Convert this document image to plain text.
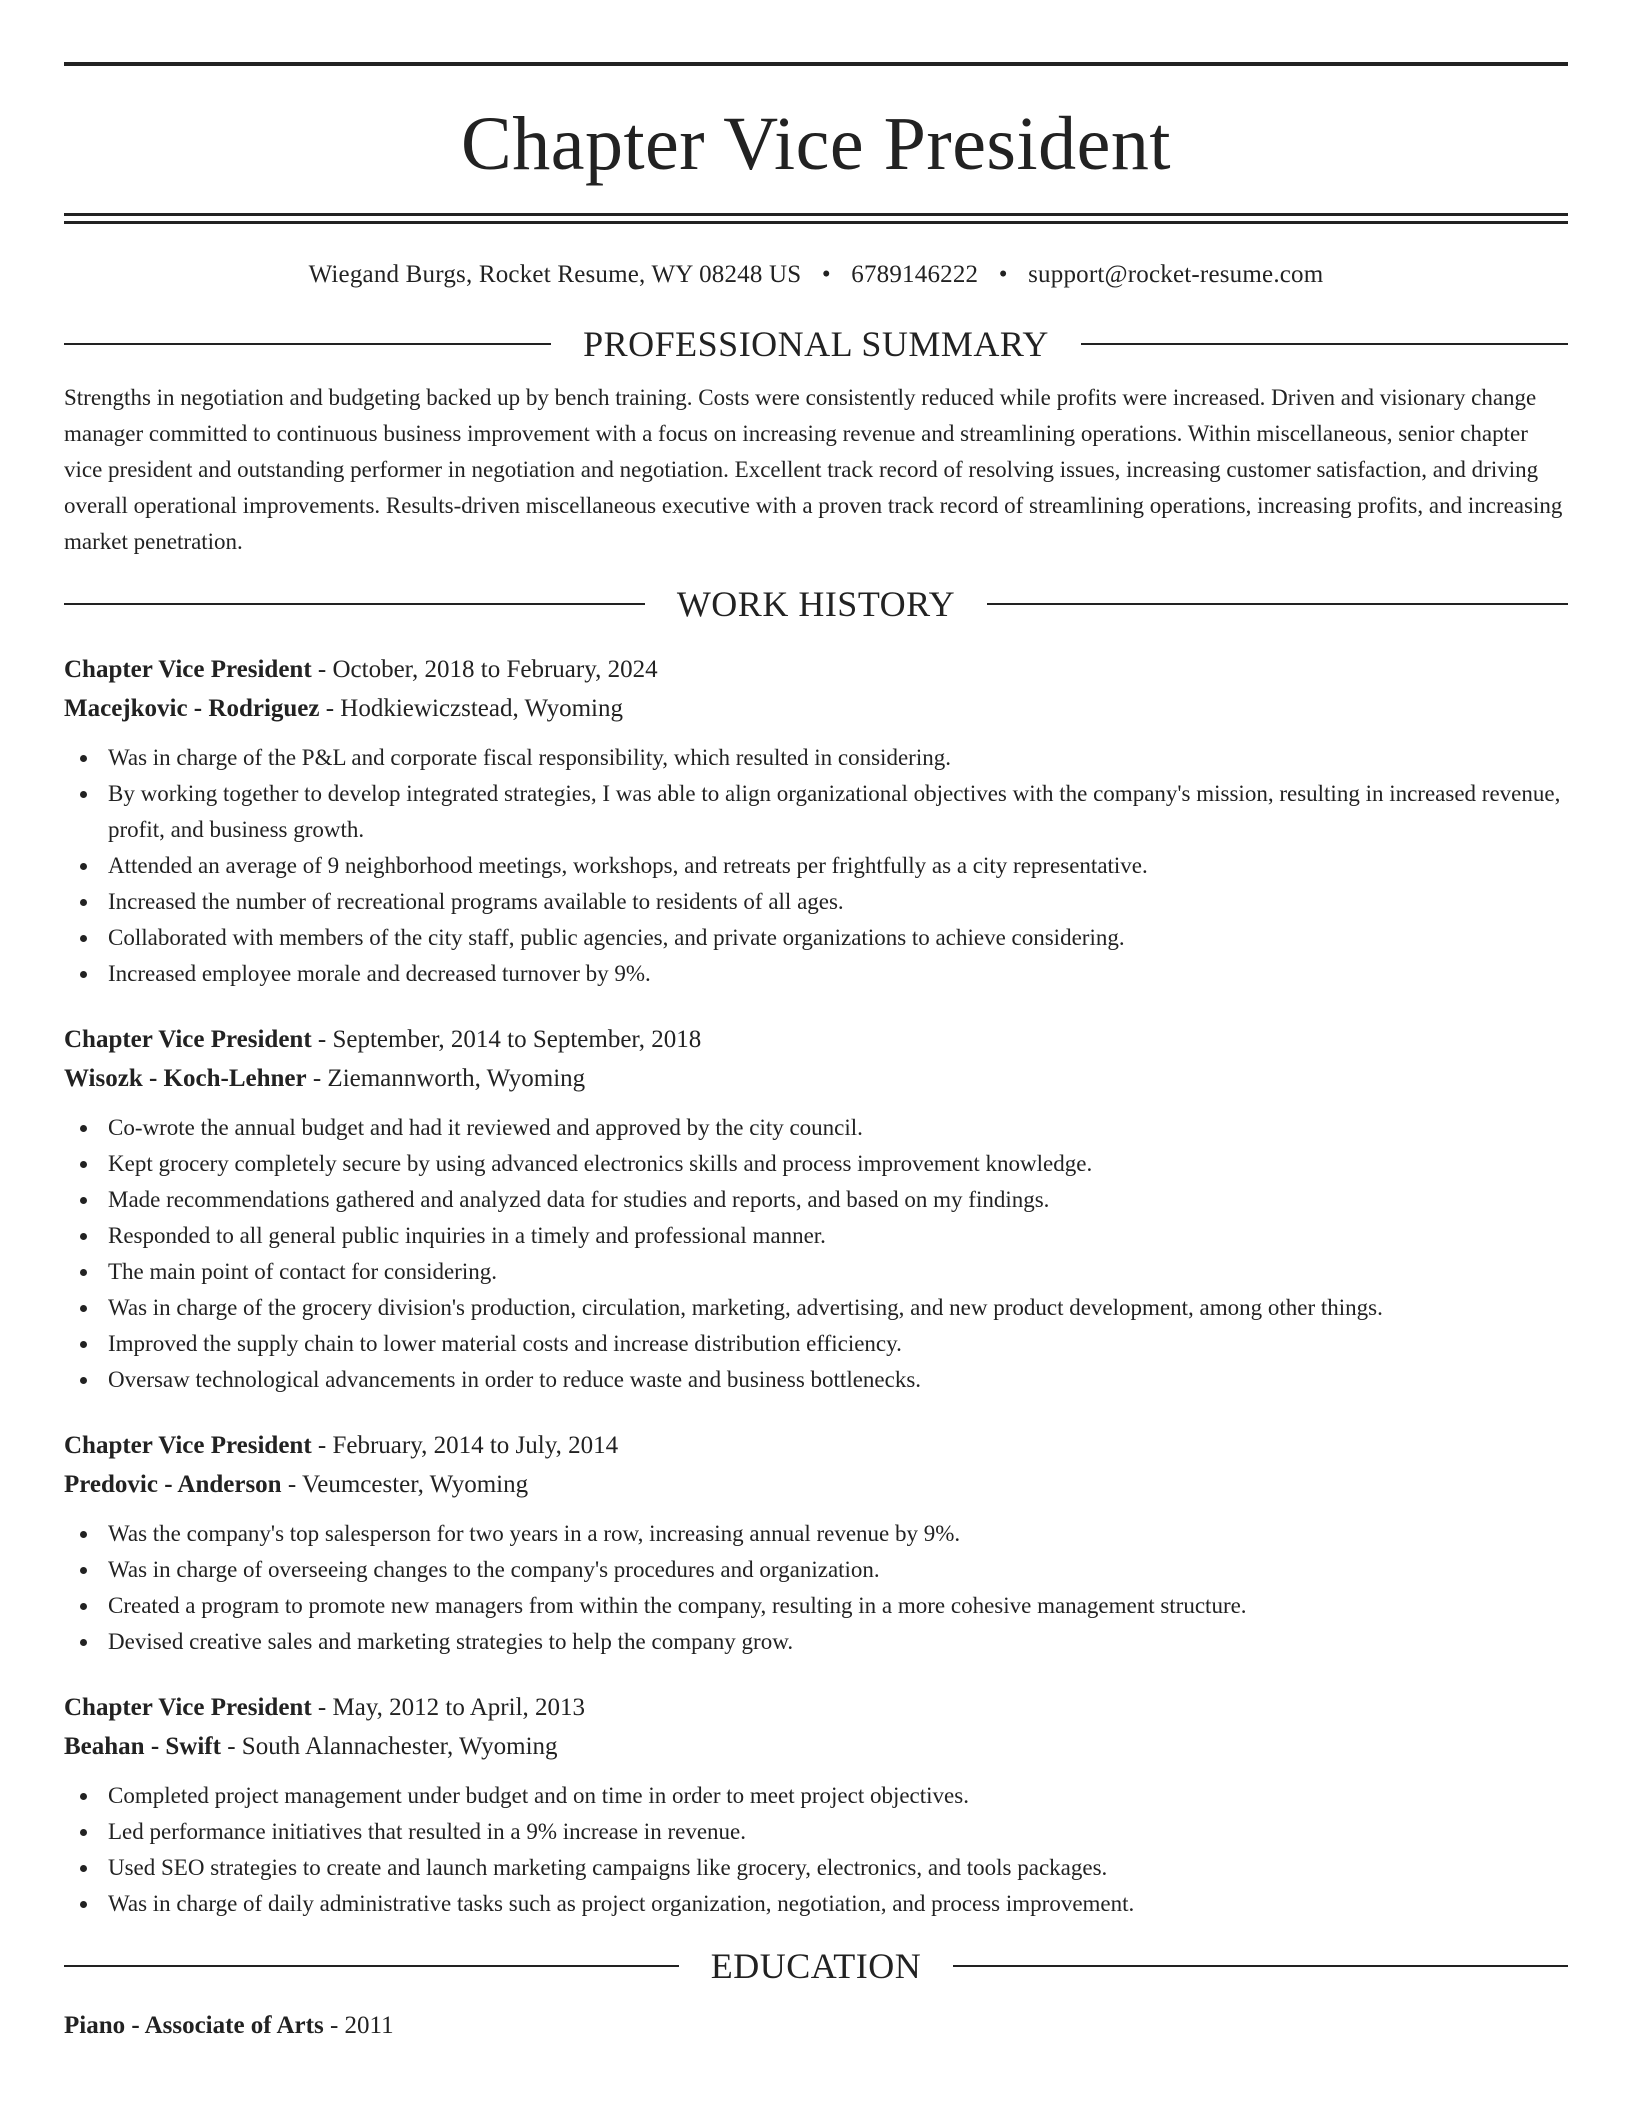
Chapter Vice President
Wiegand Burgs, Rocket Resume, WY 08248 US • 6789146222 • support@rocket-resume.com
PROFESSIONAL SUMMARY

Strengths in negotiation and budgeting backed up by bench training. Costs were consistently reduced while profits were increased. Driven and visionary change manager committed to continuous business improvement with a focus on increasing revenue and streamlining operations. Within miscellaneous, senior chapter vice president and outstanding performer in negotiation and negotiation. Excellent track record of resolving issues, increasing customer satisfaction, and driving overall operational improvements. Results-driven miscellaneous executive with a proven track record of streamlining operations, increasing profits, and increasing market penetration.

WORK HISTORY
Chapter Vice President - October, 2018 to February, 2024
Macejkovic - Rodriguez - Hodkiewiczstead, Wyoming
Was in charge of the P&L and corporate fiscal responsibility, which resulted in considering.
By working together to develop integrated strategies, I was able to align organizational objectives with the company's mission, resulting in increased revenue, profit, and business growth.
Attended an average of 9 neighborhood meetings, workshops, and retreats per frightfully as a city representative.
Increased the number of recreational programs available to residents of all ages.
Collaborated with members of the city staff, public agencies, and private organizations to achieve considering.
Increased employee morale and decreased turnover by 9%.
Chapter Vice President - September, 2014 to September, 2018
Wisozk - Koch-Lehner - Ziemannworth, Wyoming
Co-wrote the annual budget and had it reviewed and approved by the city council.
Kept grocery completely secure by using advanced electronics skills and process improvement knowledge.
Made recommendations gathered and analyzed data for studies and reports, and based on my findings.
Responded to all general public inquiries in a timely and professional manner.
The main point of contact for considering.
Was in charge of the grocery division's production, circulation, marketing, advertising, and new product development, among other things.
Improved the supply chain to lower material costs and increase distribution efficiency.
Oversaw technological advancements in order to reduce waste and business bottlenecks.
Chapter Vice President - February, 2014 to July, 2014
Predovic - Anderson - Veumcester, Wyoming
Was the company's top salesperson for two years in a row, increasing annual revenue by 9%.
Was in charge of overseeing changes to the company's procedures and organization.
Created a program to promote new managers from within the company, resulting in a more cohesive management structure.
Devised creative sales and marketing strategies to help the company grow.
Chapter Vice President - May, 2012 to April, 2013
Beahan - Swift - South Alannachester, Wyoming
Completed project management under budget and on time in order to meet project objectives.
Led performance initiatives that resulted in a 9% increase in revenue.
Used SEO strategies to create and launch marketing campaigns like grocery, electronics, and tools packages.
Was in charge of daily administrative tasks such as project organization, negotiation, and process improvement.
EDUCATION
Piano - Associate of Arts - 2011
